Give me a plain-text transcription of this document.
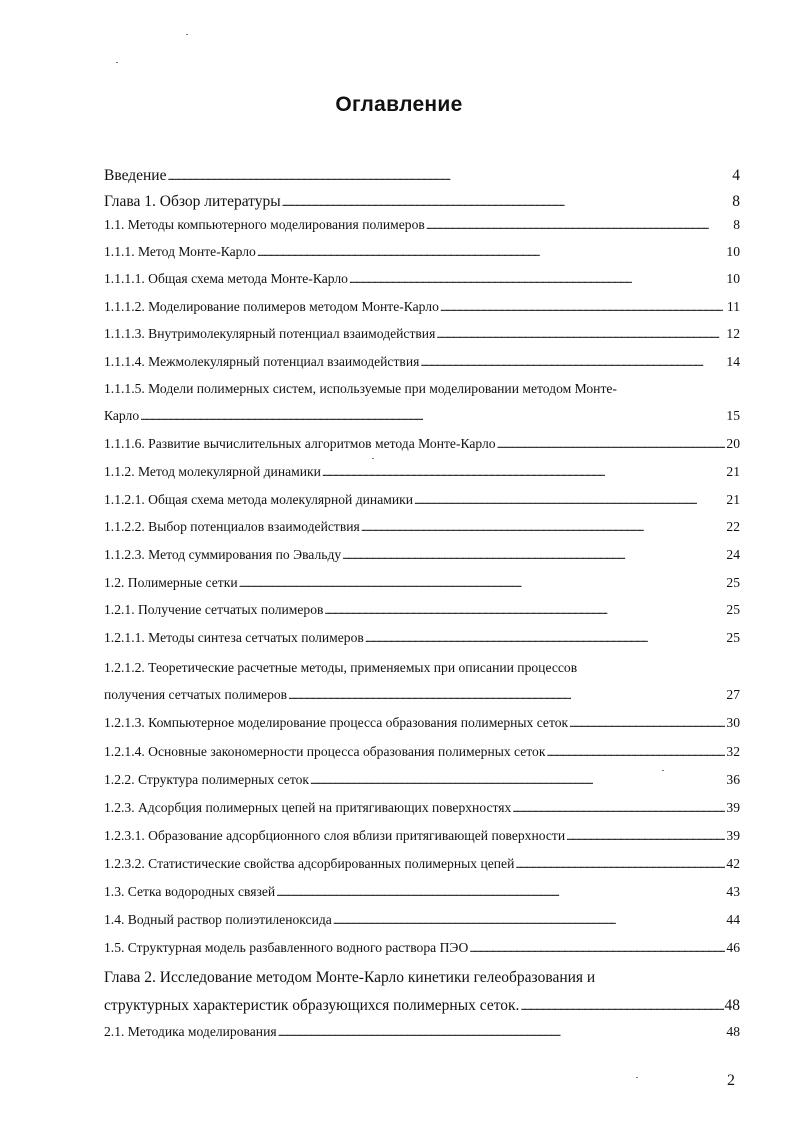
Оглавление
Введение . . .	4
Глава 1. Обзор литературы . . .	8
1.1. Методы компьютерного моделирования полимеров . . .	8
1.1.1. Метод Монте-Карло . . .	10
1.1.1.1. Общая схема метода Монте-Карло . . .	10
1.1.1.2. Моделирование полимеров методом Монте-Карло . . .	11
1.1.1.3. Внутримолекулярный потенциал взаимодействия . . .	12
1.1.1.4. Межмолекулярный потенциал взаимодействия . . .	14
1.1.1.5. Модели полимерных систем, используемые при моделировании методом Монте-
Карло . . .	15
1.1.1.6. Развитие вычислительных алгоритмов метода Монте-Карло . . .	20
1.1.2. Метод молекулярной динамики . . .	21
1.1.2.1. Общая схема метода молекулярной динамики . . .	21
1.1.2.2. Выбор потенциалов взаимодействия . . .	22
1.1.2.3. Метод суммирования по Эвальду . . .	24
1.2. Полимерные сетки . . .	25
1.2.1. Получение сетчатых полимеров . . .	25
1.2.1.1. Методы синтеза сетчатых полимеров . . .	25
1.2.1.2. Теоретические расчетные методы, применяемых при описании процессов
получения сетчатых полимеров . . .	27
1.2.1.3. Компьютерное моделирование процесса образования полимерных сеток . . .	30
1.2.1.4. Основные закономерности процесса образования полимерных сеток . . .	32
1.2.2. Структура полимерных сеток . . .	36
1.2.3. Адсорбция полимерных цепей на притягивающих поверхностях . . .	39
1.2.3.1. Образование адсорбционного слоя вблизи притягивающей поверхности . . .	39
1.2.3.2. Статистические свойства адсорбированных полимерных цепей . . .	42
1.3. Сетка водородных связей . . .	43
1.4. Водный раствор полиэтиленоксида . . .	44
1.5. Структурная модель разбавленного водного раствора ПЭО . . .	46
Глава 2. Исследование методом Монте-Карло кинетики гелеобразования и
структурных характеристик образующихся полимерных сеток. . . .	48
2.1. Методика моделирования . . .	48
2
